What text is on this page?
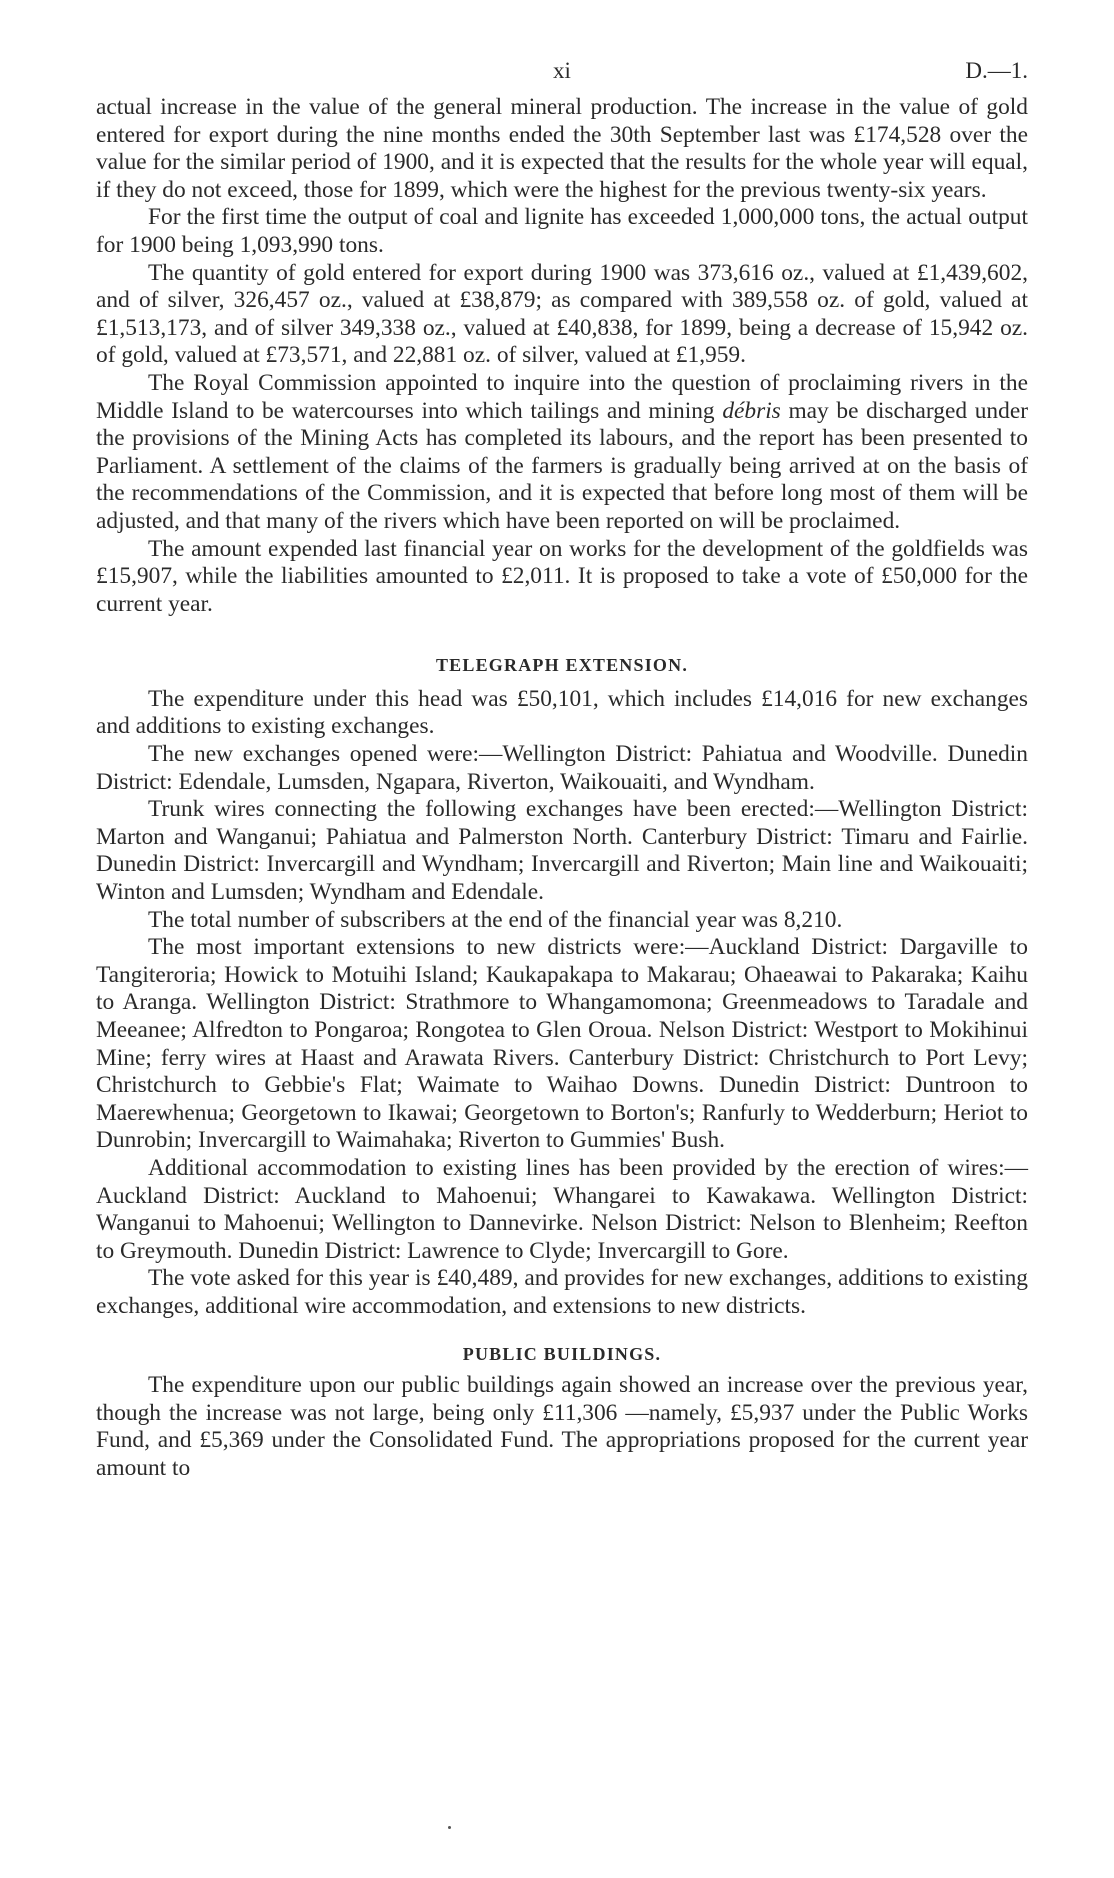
xi	D.—1.

actual increase in the value of the general mineral production. The increase in the value of gold entered for export during the nine months ended the 30th September last was £174,528 over the value for the similar period of 1900, and it is expected that the results for the whole year will equal, if they do not exceed, those for 1899, which were the highest for the previous twenty-six years.

For the first time the output of coal and lignite has exceeded 1,000,000 tons, the actual output for 1900 being 1,093,990 tons.

The quantity of gold entered for export during 1900 was 373,616 oz., valued at £1,439,602, and of silver, 326,457 oz., valued at £38,879; as compared with 389,558 oz. of gold, valued at £1,513,173, and of silver 349,338 oz., valued at £40,838, for 1899, being a decrease of 15,942 oz. of gold, valued at £73,571, and 22,881 oz. of silver, valued at £1,959.

The Royal Commission appointed to inquire into the question of proclaiming rivers in the Middle Island to be watercourses into which tailings and mining débris may be discharged under the provisions of the Mining Acts has completed its labours, and the report has been presented to Parliament. A settlement of the claims of the farmers is gradually being arrived at on the basis of the recommendations of the Commission, and it is expected that before long most of them will be adjusted, and that many of the rivers which have been reported on will be proclaimed.

The amount expended last financial year on works for the development of the goldfields was £15,907, while the liabilities amounted to £2,011. It is proposed to take a vote of £50,000 for the current year.

TELEGRAPH EXTENSION.

The expenditure under this head was £50,101, which includes £14,016 for new exchanges and additions to existing exchanges.

The new exchanges opened were:—Wellington District: Pahiatua and Woodville. Dunedin District: Edendale, Lumsden, Ngapara, Riverton, Waikouaiti, and Wyndham.

Trunk wires connecting the following exchanges have been erected:—Wellington District: Marton and Wanganui; Pahiatua and Palmerston North. Canterbury District: Timaru and Fairlie. Dunedin District: Invercargill and Wyndham; Invercargill and Riverton; Main line and Waikouaiti; Winton and Lumsden; Wyndham and Edendale.

The total number of subscribers at the end of the financial year was 8,210.

The most important extensions to new districts were:—Auckland District: Dargaville to Tangiteroria; Howick to Motuihi Island; Kaukapakapa to Makarau; Ohaeawai to Pakaraka; Kaihu to Aranga. Wellington District: Strathmore to Whangamomona; Greenmeadows to Taradale and Meeanee; Alfredton to Pongaroa; Rongotea to Glen Oroua. Nelson District: Westport to Mokihinui Mine; ferry wires at Haast and Arawata Rivers. Canterbury District: Christchurch to Port Levy; Christchurch to Gebbie's Flat; Waimate to Waihao Downs. Dunedin District: Duntroon to Maerewhenua; Georgetown to Ikawai; Georgetown to Borton's; Ranfurly to Wedderburn; Heriot to Dunrobin; Invercargill to Waimahaka; Riverton to Gummies' Bush.

Additional accommodation to existing lines has been provided by the erection of wires:—Auckland District: Auckland to Mahoenui; Whangarei to Kawakawa. Wellington District: Wanganui to Mahoenui; Wellington to Dannevirke. Nelson District: Nelson to Blenheim; Reefton to Greymouth. Dunedin District: Lawrence to Clyde; Invercargill to Gore.

The vote asked for this year is £40,489, and provides for new exchanges, additions to existing exchanges, additional wire accommodation, and extensions to new districts.

PUBLIC BUILDINGS.

The expenditure upon our public buildings again showed an increase over the previous year, though the increase was not large, being only £11,306 —namely, £5,937 under the Public Works Fund, and £5,369 under the Consolidated Fund. The appropriations proposed for the current year amount to
